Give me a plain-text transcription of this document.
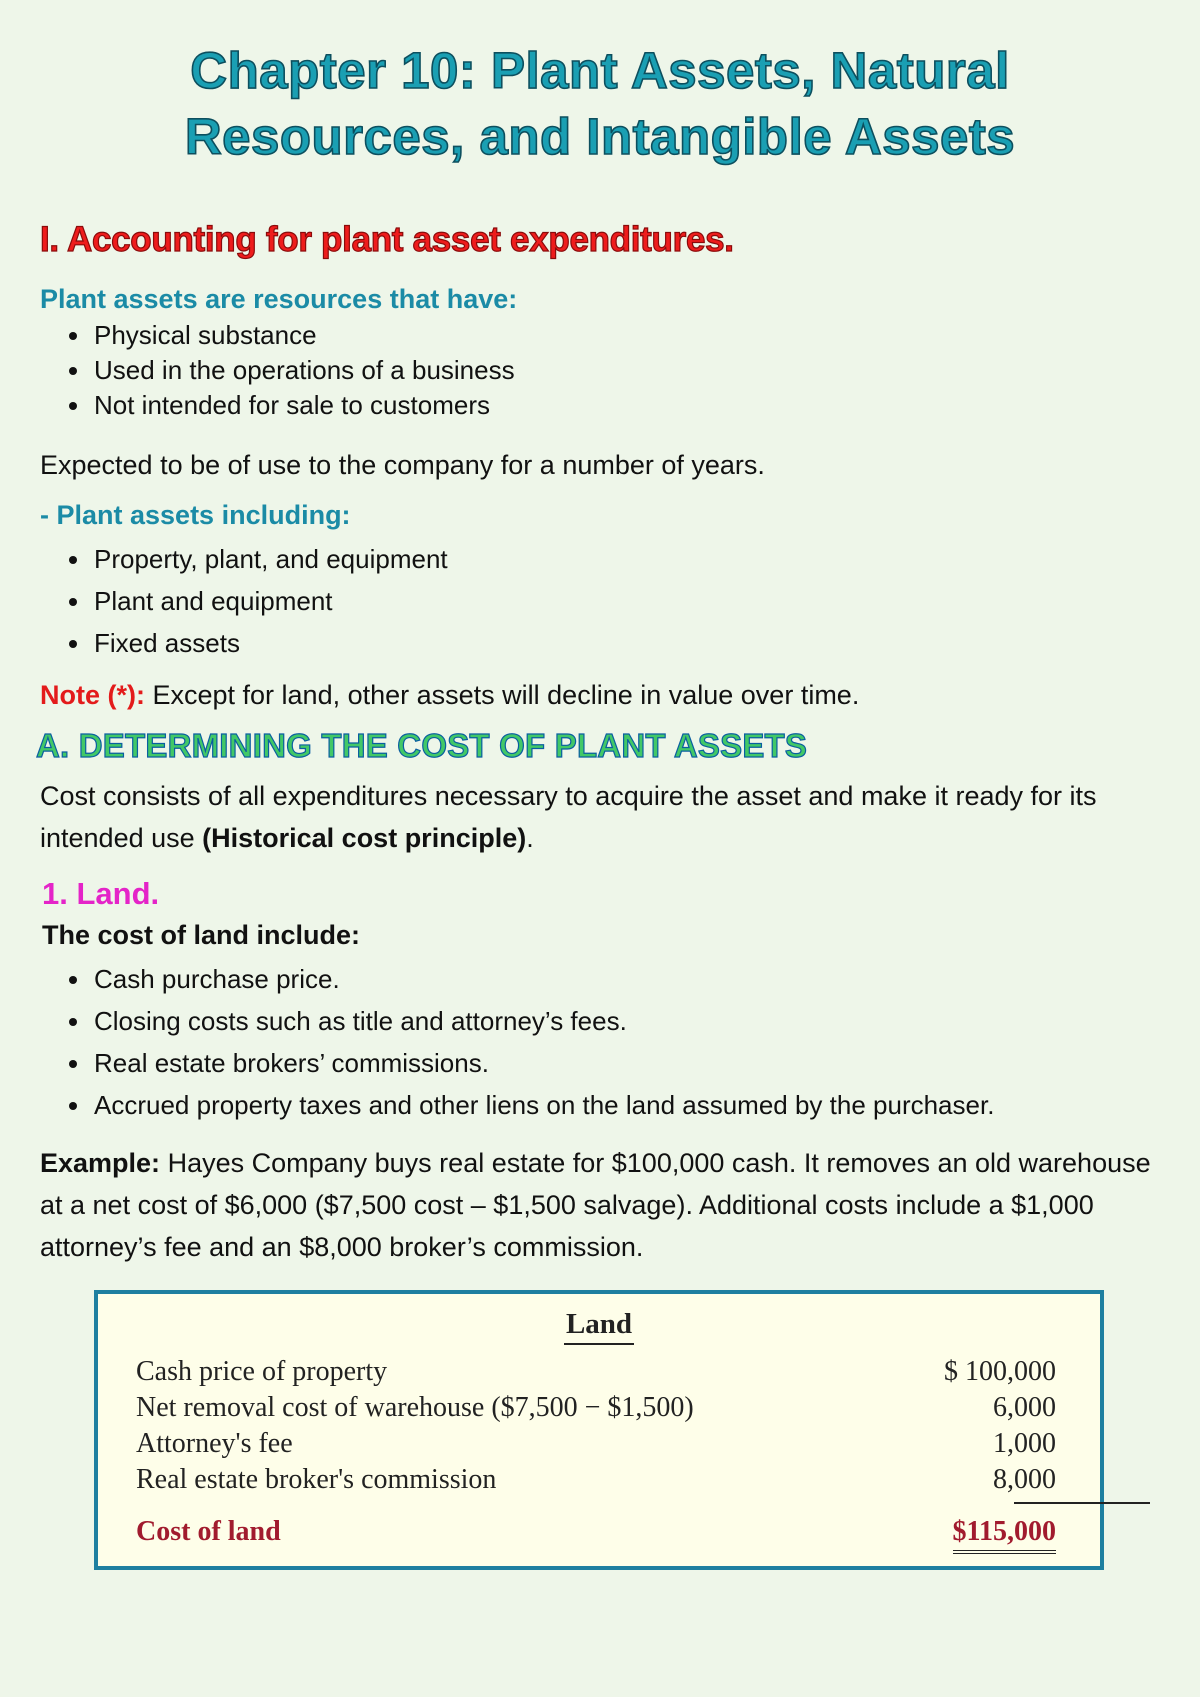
Chapter 10: Plant Assets, Natural
Resources, and Intangible Assets
I. Accounting for plant asset expenditures.
Plant assets are resources that have:
• Physical substance
• Used in the operations of a business
• Not intended for sale to customers

Expected to be of use to the company for a number of years.

- Plant assets including:
• Property, plant, and equipment
• Plant and equipment
• Fixed assets

Note (*): Except for land, other assets will decline in value over time.

A. DETERMINING THE COST OF PLANT ASSETS

Cost consists of all expenditures necessary to acquire the asset and make it ready for its intended use (Historical cost principle).

1. Land.
The cost of land include:
• Cash purchase price.
• Closing costs such as title and attorney’s fees.
• Real estate brokers’ commissions.
• Accrued property taxes and other liens on the land assumed by the purchaser.

Example: Hayes Company buys real estate for $100,000 cash. It removes an old warehouse at a net cost of $6,000 ($7,500 cost – $1,500 salvage). Additional costs include a $1,000 attorney’s fee and an $8,000 broker’s commission.

Land
Cash price of property	$ 100,000
Net removal cost of warehouse ($7,500 − $1,500)	6,000
Attorney's fee	1,000
Real estate broker's commission	8,000
Cost of land	$115,000
